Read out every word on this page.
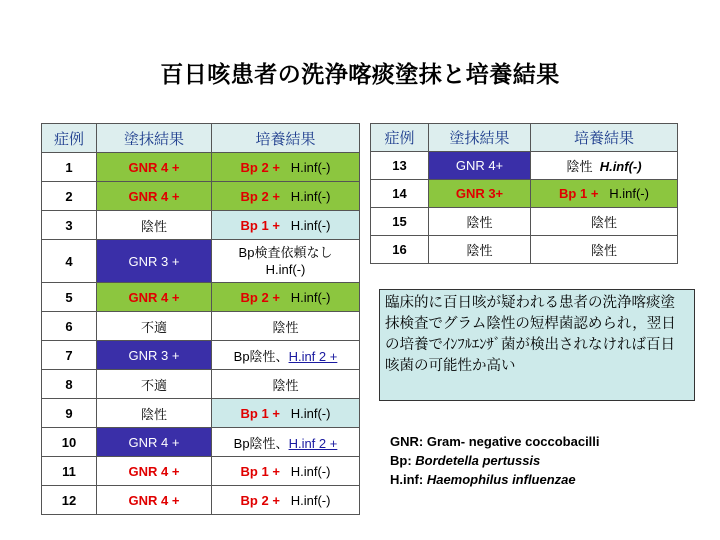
百日咳患者の洗浄喀痰塗抹と培養結果
症例	塗抹結果	培養結果
1	GNR 4 +	Bp 2 + H.inf(-)
2	GNR 4 +	Bp 2 + H.inf(-)
3	陰性	Bp 1 + H.inf(-)
4	GNR 3 +	Bp検査依頼なし
H.inf(-)
5	GNR 4 +	Bp 2 + H.inf(-)
6	不適	陰性
7	GNR 3 +	Bp陰性、H.inf 2 +
8	不適	陰性
9	陰性	Bp 1 + H.inf(-)
10	GNR 4 +	Bp陰性、H.inf 2 +
11	GNR 4 +	Bp 1 + H.inf(-)
12	GNR 4 +	Bp 2 + H.inf(-)
症例	塗抹結果	培養結果
13	GNR 4+	陰性 H.inf(-)
14	GNR 3+	Bp 1 + H.inf(-)
15	陰性	陰性
16	陰性	陰性
臨床的に百日咳が疑われる患者の洗浄喀痰塗抹検査でグラム陰性の短桿菌認められ，翌日の培養でｲﾝﾌﾙｴﾝｻﾞ菌が検出されなければ百日咳菌の可能性か高い
GNR: Gram- negative coccobacilli
Bp: Bordetella pertussis
H.inf: Haemophilus influenzae
